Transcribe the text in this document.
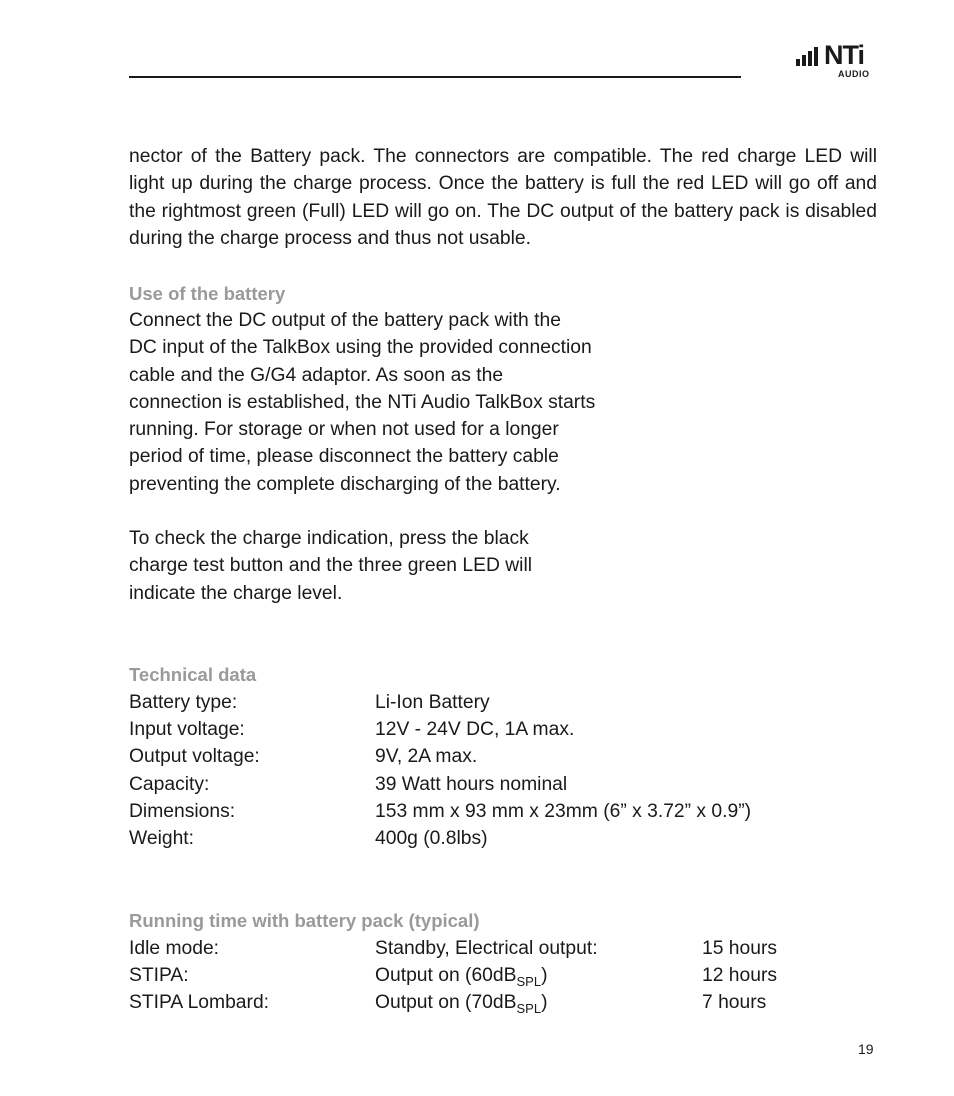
NTi
AUDIO
nector of the Battery pack. The connectors are compatible. The red charge LED will light up during the charge process. Once the battery is full the red LED will go off and the rightmost green (Full) LED will go on. The DC output of the battery pack is disabled during the charge process and thus not usable.
Use of the battery
Connect the DC output of the battery pack with the
DC input of the TalkBox using the provided connection
cable and the G/G4 adaptor. As soon as the
connection is established, the NTi Audio TalkBox starts
running. For storage or when not used for a longer
period of time, please disconnect the battery cable
preventing the complete discharging of the battery.
To check the charge indication, press the black
charge test button and the three green LED will
indicate the charge level.
Technical data
Battery type:	Li-Ion Battery
Input voltage:	12V - 24V DC, 1A max.
Output voltage:	9V, 2A max.
Capacity:	39 Watt hours nominal
Dimensions:	153 mm x 93 mm x 23mm (6” x 3.72” x 0.9”)
Weight:	400g (0.8lbs)
Running time with battery pack (typical)
Idle mode:	Standby, Electrical output:	15 hours
STIPA:	Output on $(60dB_{SPL})$	12 hours
STIPA Lombard:	Output on $(70dB_{SPL})$	7 hours
19
